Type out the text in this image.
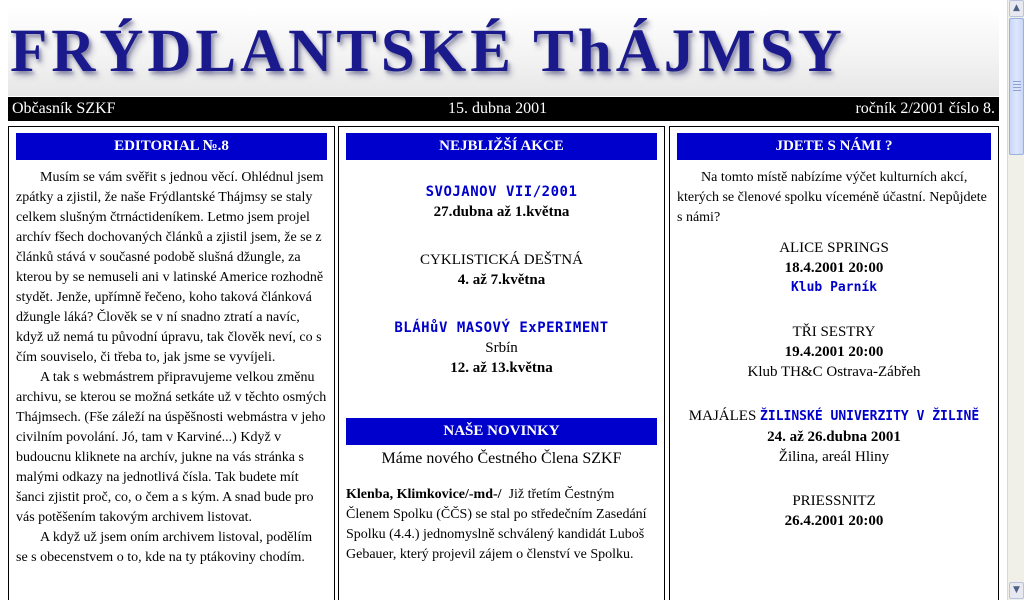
FRÝDLANTSKÉ ThÁJMSY
Občasník SZKF	15. dubna 2001	ročník 2/2001 číslo 8.
EDITORIAL №.8

Musím se vám svěřit s jednou věcí. Ohlédnul jsem zpátky a zjistil, že naše Frýdlantské Thájmsy se staly celkem slušným čtrnáctideníkem. Letmo jsem projel archív fšech dochovaných článků a zjistil jsem, že se z článků stává v současné podobě slušná džungle, za kterou by se nemuseli ani v latinské Americe rozhodně stydět. Jenže, upřímně řečeno, koho taková článková džungle láká? Člověk se v ní snadno ztratí a navíc, když už nemá tu původní úpravu, tak člověk neví, co s čím souviselo, či třeba to, jak jsme se vyvíjeli.

A tak s webmástrem připravujeme velkou změnu archivu, se kterou se možná setkáte už v těchto osmých Thájmsech. (Fše záleží na úspěšnosti webmástra v jeho civilním povolání. Jó, tam v Karviné...) Když v budoucnu kliknete na archív, jukne na vás stránka s malými odkazy na jednotlivá čísla. Tak budete mít šanci zjistit proč, co, o čem a s kým. A snad bude pro vás potěšením takovým archivem listovat.

A když už jsem oním archivem listoval, podělím se s obecenstvem o to, kde na ty ptákoviny chodím.

NEJBLIŽŠÍ AKCE
SVOJANOV VII/2001
27.dubna až 1.května
CYKLISTICKÁ DEŠTNÁ
4. až 7.května
BLÁHůV MASOVÝ ExPERIMENT
Srbín
12. až 13.května
NAŠE NOVINKY
Máme nového Čestného Člena SZKF
Klenba, Klimkovice/-md-/ Již třetím Čestným Členem Spolku (ČČS) se stal po středečním Zasedání Spolku (4.4.) jednomyslně schválený kandidát Luboš Gebauer, který projevil zájem o členství ve Spolku.
JDETE S NÁMI ?

Na tomto místě nabízíme výčet kulturních akcí, kterých se členové spolku víceméně účastní. Nepůjdete s námi?

ALICE SPRINGS
18.4.2001 20:00
Klub Parník
TŘI SESTRY
19.4.2001 20:00
Klub TH&C Ostrava-Zábřeh
MAJÁLES ŽILINSKÉ UNIVERZITY V ŽILINĚ
24. až 26.dubna 2001
Žilina, areál Hliny
PRIESSNITZ
26.4.2001 20:00
▲
▼
